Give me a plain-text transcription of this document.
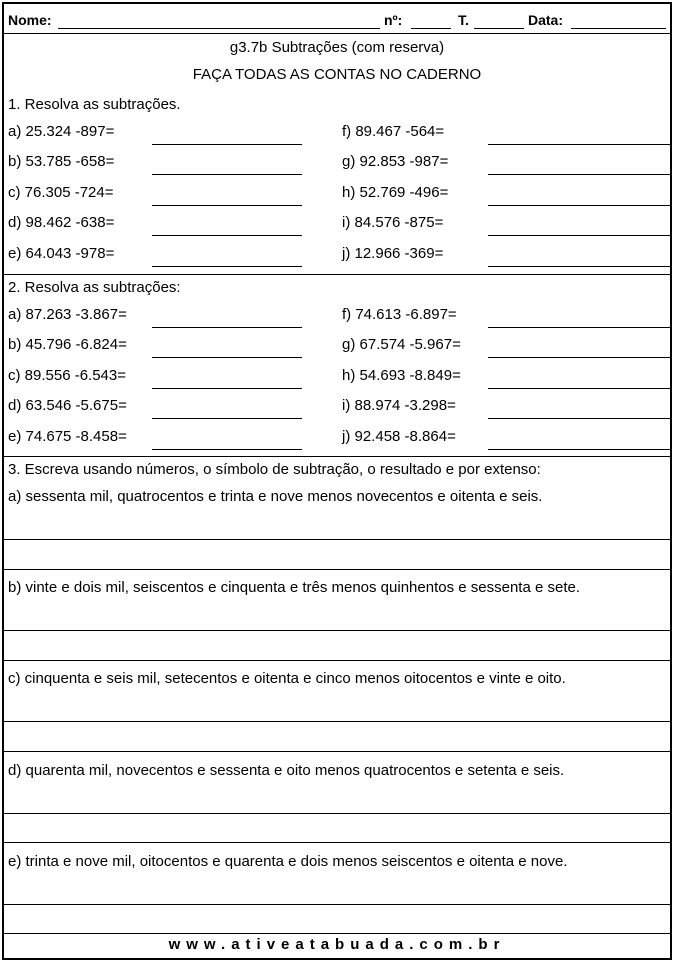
Nome:	nº:	T.	Data:
g3.7b Subtrações (com reserva)
FAÇA TODAS AS CONTAS NO CADERNO
1. Resolva as subtrações.
a) 25.324 -897=
b) 53.785 -658=
c) 76.305 -724=
d) 98.462 -638=
e) 64.043 -978=
f) 89.467 -564=
g) 92.853 -987=
h) 52.769 -496=
i) 84.576 -875=
j) 12.966 -369=
2. Resolva as subtrações:
a) 87.263 -3.867=
b) 45.796 -6.824=
c) 89.556 -6.543=
d) 63.546 -5.675=
e) 74.675 -8.458=
f) 74.613 -6.897=
g) 67.574 -5.967=
h) 54.693 -8.849=
i) 88.974 -3.298=
j) 92.458 -8.864=
3. Escreva usando números, o símbolo de subtração, o resultado e por extenso:
a) sessenta mil, quatrocentos e trinta e nove menos novecentos e oitenta e seis.
b) vinte e dois mil, seiscentos e cinquenta e três menos quinhentos e sessenta e sete.
c) cinquenta e seis mil, setecentos e oitenta e cinco menos oitocentos e vinte e oito.
d) quarenta mil, novecentos e sessenta e oito menos quatrocentos e setenta e seis.
e) trinta e nove mil, oitocentos e quarenta e dois menos seiscentos e oitenta e nove.
www.ativeatabuada.com.br
